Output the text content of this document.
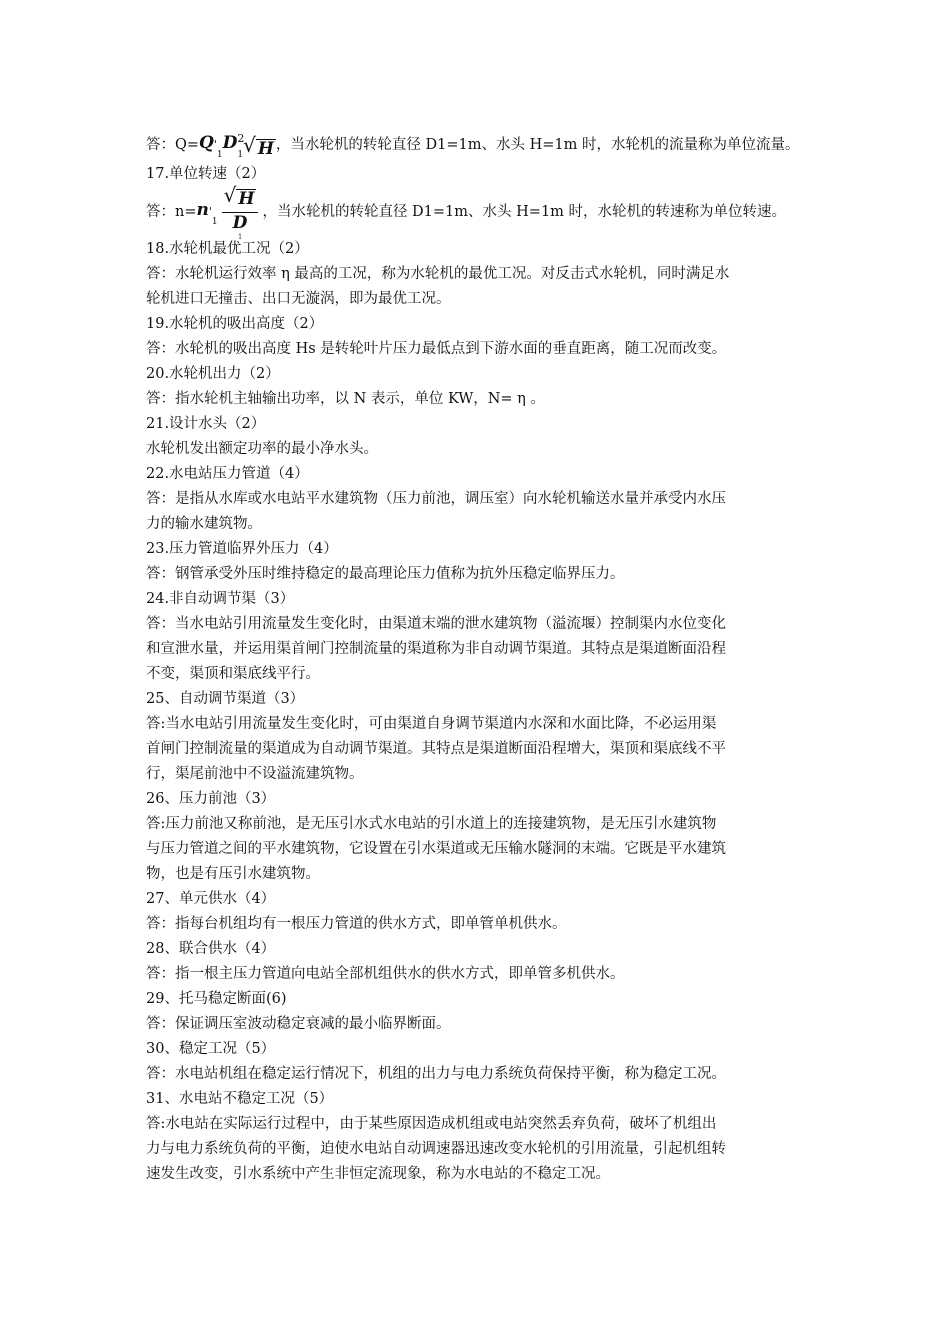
答：$Q= Q'_1$
$D^2_1$ √ H ，当水轮机的转轮直径 D1=1m、水头 H=1m 时，水轮机的流量称为单位流量。
17.单位转速（2）
答：$n= n'_1$
√ H
D
1
，当水轮机的转轮直径 D1=1m、水头 H=1m 时，水轮机的转速称为单位转速。
18.水轮机最优工况（2）
答：水轮机运行效率 η 最高的工况，称为水轮机的最优工况。对反击式水轮机，同时满足水
轮机进口无撞击、出口无漩涡，即为最优工况。
19.水轮机的吸出高度（2）
答：水轮机的吸出高度 Hs 是转轮叶片压力最低点到下游水面的垂直距离，随工况而改变。
20.水轮机出力（2）
答：指水轮机主轴输出功率，以 N 表示，单位 KW，N= η 。
21.设计水头（2）
水轮机发出额定功率的最小净水头。
22.水电站压力管道（4）
答：是指从水库或水电站平水建筑物（压力前池，调压室）向水轮机输送水量并承受内水压
力的输水建筑物。
23.压力管道临界外压力（4）
答：钢管承受外压时维持稳定的最高理论压力值称为抗外压稳定临界压力。
24.非自动调节渠（3）
答：当水电站引用流量发生变化时，由渠道末端的泄水建筑物（溢流堰）控制渠内水位变化
和宣泄水量，并运用渠首闸门控制流量的渠道称为非自动调节渠道。其特点是渠道断面沿程
不变，渠顶和渠底线平行。
25、自动调节渠道（3）
答:当水电站引用流量发生变化时，可由渠道自身调节渠道内水深和水面比降，不必运用渠
首闸门控制流量的渠道成为自动调节渠道。其特点是渠道断面沿程增大，渠顶和渠底线不平
行，渠尾前池中不设溢流建筑物。
26、压力前池（3）
答:压力前池又称前池，是无压引水式水电站的引水道上的连接建筑物，是无压引水建筑物
与压力管道之间的平水建筑物，它设置在引水渠道或无压输水隧洞的末端。它既是平水建筑
物，也是有压引水建筑物。
27、单元供水（4）
答：指每台机组均有一根压力管道的供水方式，即单管单机供水。
28、联合供水（4）
答：指一根主压力管道向电站全部机组供水的供水方式，即单管多机供水。
29、托马稳定断面(6)
答：保证调压室波动稳定衰减的最小临界断面。
30、稳定工况（5）
答：水电站机组在稳定运行情况下，机组的出力与电力系统负荷保持平衡，称为稳定工况。
31、水电站不稳定工况（5）
答:水电站在实际运行过程中，由于某些原因造成机组或电站突然丢弃负荷，破坏了机组出
力与电力系统负荷的平衡，迫使水电站自动调速器迅速改变水轮机的引用流量，引起机组转
速发生改变，引水系统中产生非恒定流现象，称为水电站的不稳定工况。
